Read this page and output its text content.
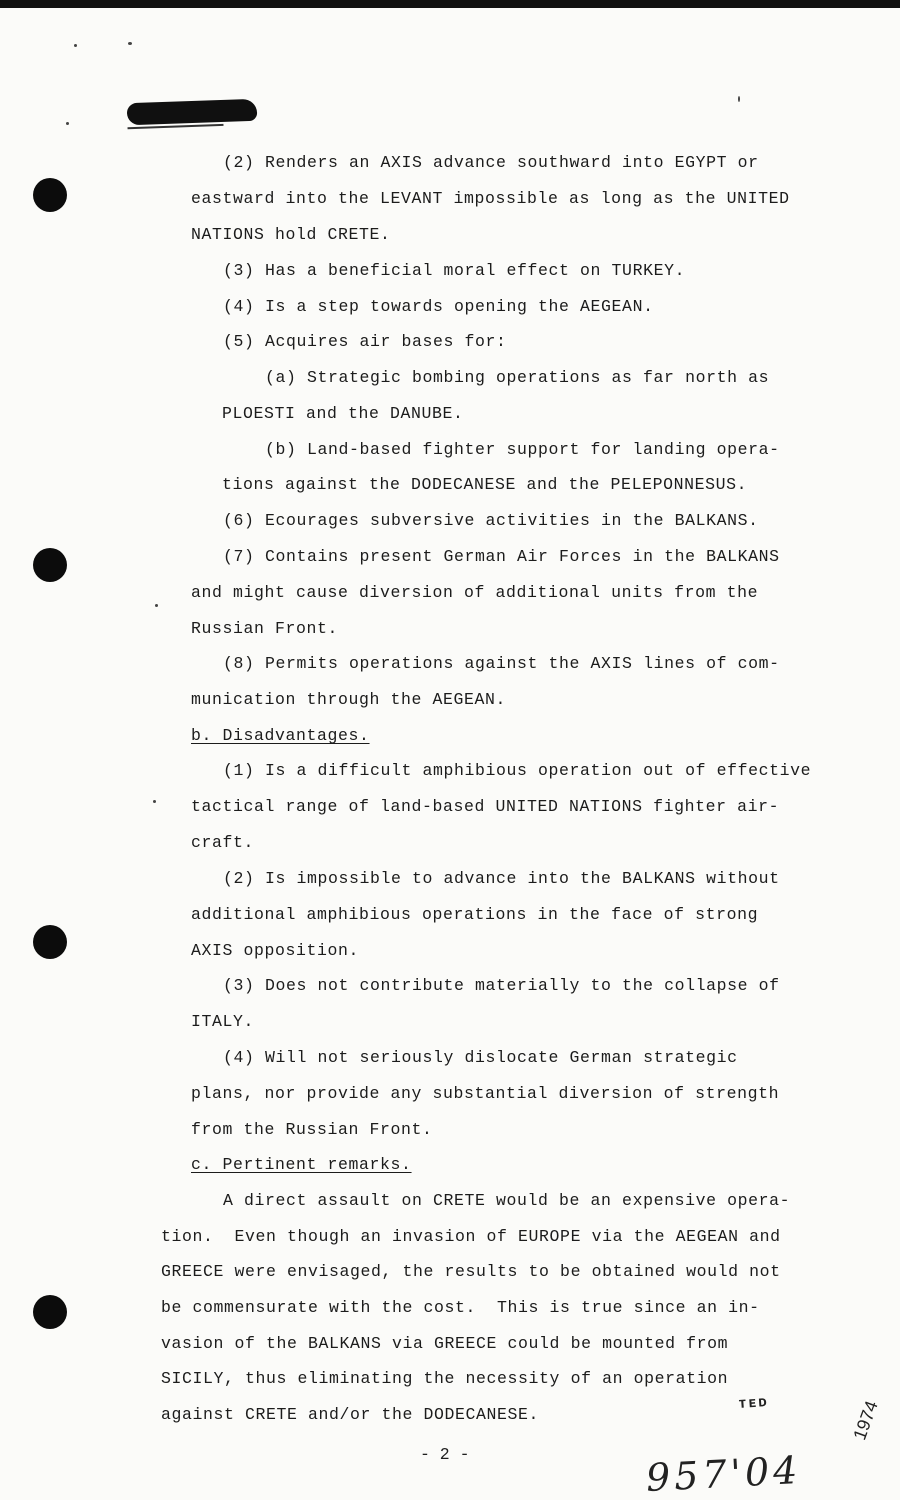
(2) Renders an AXIS advance southward into EGYPT or
eastward into the LEVANT impossible as long as the UNITED
NATIONS hold CRETE.
(3) Has a beneficial moral effect on TURKEY.
(4) Is a step towards opening the AEGEAN.
(5) Acquires air bases for:
(a) Strategic bombing operations as far north as
PLOESTI and the DANUBE.
(b) Land-based fighter support for landing opera-
tions against the DODECANESE and the PELEPONNESUS.
(6) Ecourages subversive activities in the BALKANS.
(7) Contains present German Air Forces in the BALKANS
and might cause diversion of additional units from the
Russian Front.
(8) Permits operations against the AXIS lines of com-
munication through the AEGEAN.
b. Disadvantages.
(1) Is a difficult amphibious operation out of effective
tactical range of land-based UNITED NATIONS fighter air-
craft.
(2) Is impossible to advance into the BALKANS without
additional amphibious operations in the face of strong
AXIS opposition.
(3) Does not contribute materially to the collapse of
ITALY.
(4) Will not seriously dislocate German strategic
plans, nor provide any substantial diversion of strength
from the Russian Front.
c. Pertinent remarks.
A direct assault on CRETE would be an expensive opera-
tion.  Even though an invasion of EUROPE via the AEGEAN and
GREECE were envisaged, the results to be obtained would not
be commensurate with the cost.  This is true since an in-
vasion of the BALKANS via GREECE could be mounted from
SICILY, thus eliminating the necessity of an operation
against CRETE and/or the DODECANESE.
- 2 -
ᴛᴇᴅ	1974
957'04
